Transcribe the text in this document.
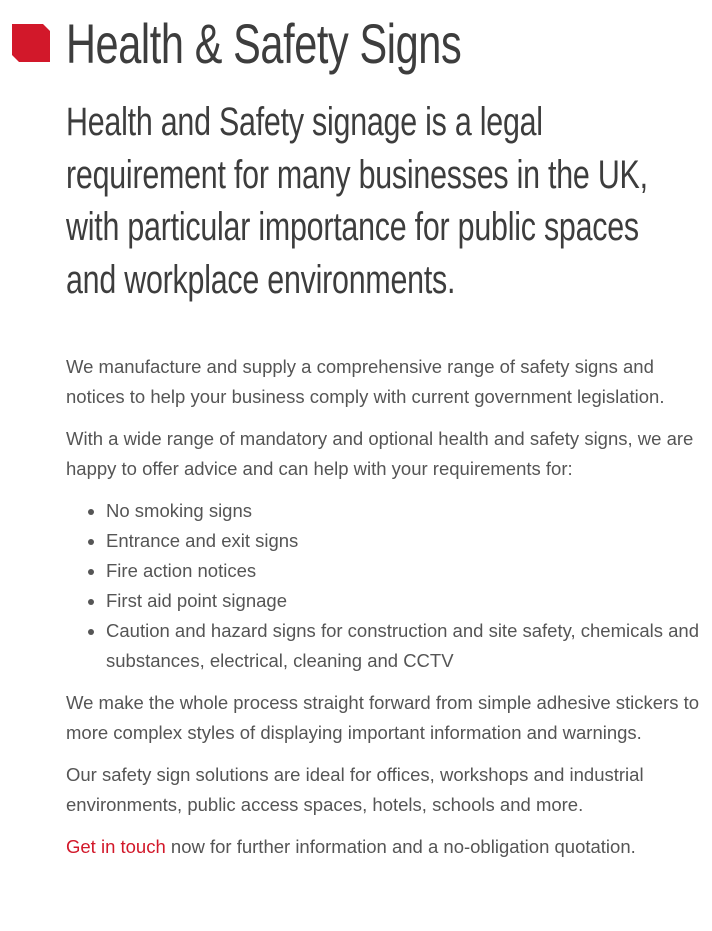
Health & Safety Signs
Health and Safety signage is a legal
requirement for many businesses in the UK,
with particular importance for public spaces
and workplace environments.

We manufacture and supply a comprehensive range of safety signs and notices to help your business comply with current government legislation.

With a wide range of mandatory and optional health and safety signs, we are happy to offer advice and can help with your requirements for:

• No smoking signs
• Entrance and exit signs
• Fire action notices
• First aid point signage
• Caution and hazard signs for construction and site safety, chemicals and substances, electrical, cleaning and CCTV

We make the whole process straight forward from simple adhesive stickers to more complex styles of displaying important information and warnings.

Our safety sign solutions are ideal for offices, workshops and industrial environments, public access spaces, hotels, schools and more.

Get in touch now for further information and a no-obligation quotation.
